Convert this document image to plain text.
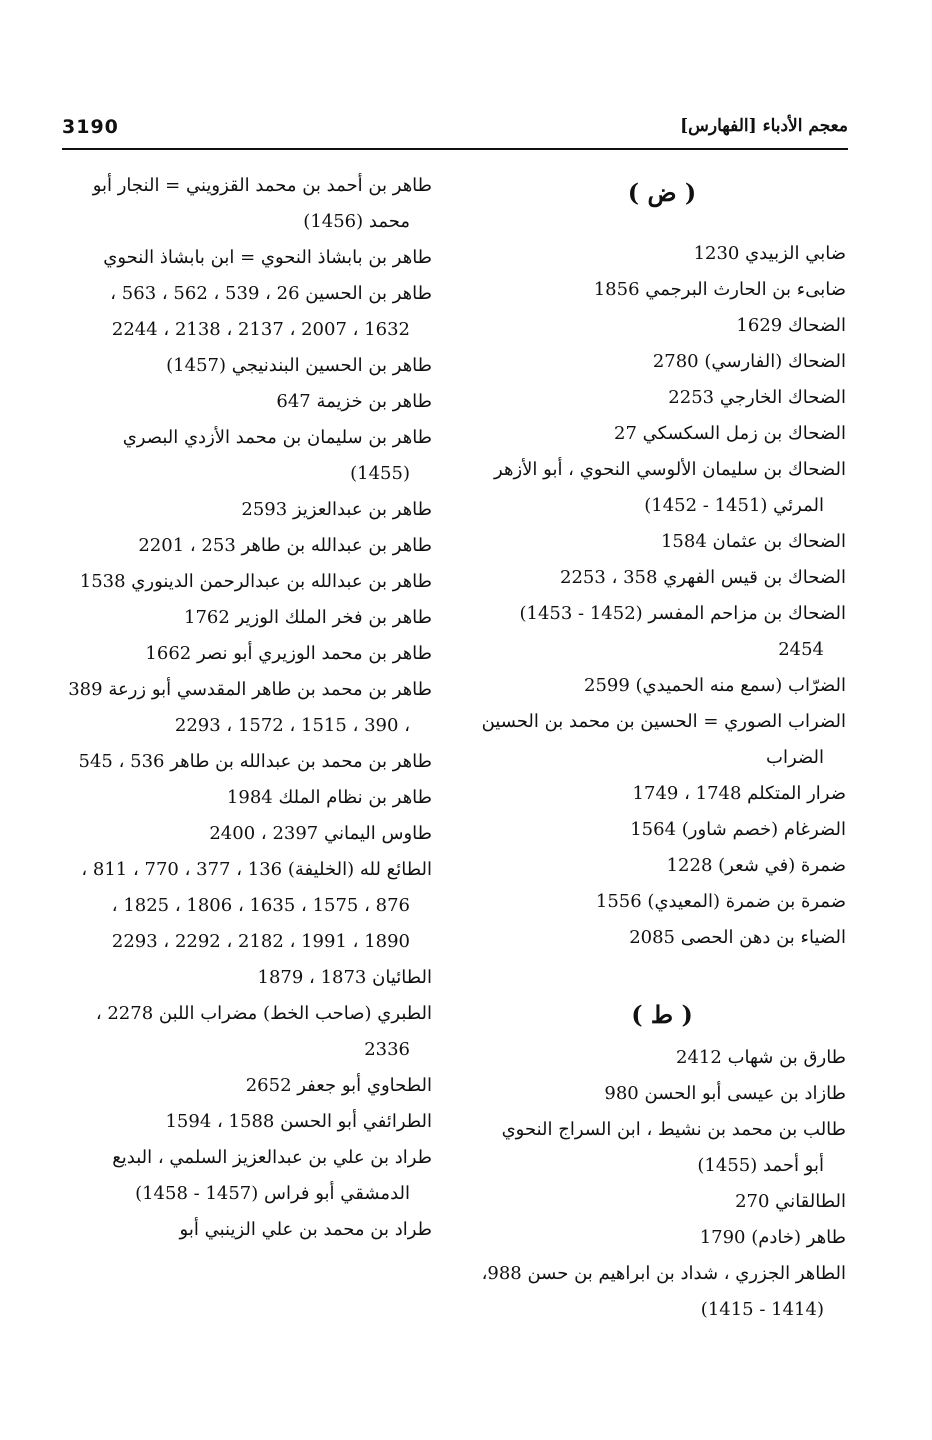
3190	معجم الأدباء [الفهارس]
( ض )

ضابي الزبيدي 1230

ضابىء بن الحارث البرجمي 1856

الضحاك 1629

الضحاك (الفارسي) 2780

الضحاك الخارجي 2253

الضحاك بن زمل السكسكي 27

الضحاك بن سليمان الألوسي النحوي ، أبو الأزهر المرئي (1451 - 1452)

الضحاك بن عثمان 1584

الضحاك بن قيس الفهري 358 ، 2253

الضحاك بن مزاحم المفسر (1452 - 1453) 2454

الضرّاب (سمع منه الحميدي) 2599

الضراب الصوري = الحسين بن محمد بن الحسين الضراب

ضرار المتكلم 1748 ، 1749

الضرغام (خصم شاور) 1564

ضمرة (في شعر) 1228

ضمرة بن ضمرة (المعيدي) 1556

الضياء بن دهن الحصى 2085

( ط )

طارق بن شهاب 2412

طازاد بن عيسى أبو الحسن 980

طالب بن محمد بن نشيط ، ابن السراج النحوي أبو أحمد (1455)

الطالقاني 270

طاهر (خادم) 1790

الطاهر الجزري ، شداد بن ابراهيم بن حسن 988، (1414 - 1415)

طاهر بن أحمد بن محمد القزويني = النجار أبو محمد (1456)

طاهر بن بابشاذ النحوي = ابن بابشاذ النحوي

طاهر بن الحسين 26 ، 539 ، 562 ، 563 ، 1632 ، 2007 ، 2137 ، 2138 ، 2244

طاهر بن الحسين البندنيجي (1457)

طاهر بن خزيمة 647

طاهر بن سليمان بن محمد الأزدي البصري (1455)

طاهر بن عبدالعزيز 2593

طاهر بن عبدالله بن طاهر 253 ، 2201

طاهر بن عبدالله بن عبدالرحمن الدينوري 1538

طاهر بن فخر الملك الوزير 1762

طاهر بن محمد الوزيري أبو نصر 1662

طاهر بن محمد بن طاهر المقدسي أبو زرعة 389 ، 390 ، 1515 ، 1572 ، 2293

طاهر بن محمد بن عبدالله بن طاهر 536 ، 545

طاهر بن نظام الملك 1984

طاوس اليماني 2397 ، 2400

الطائع لله (الخليفة) 136 ، 377 ، 770 ، 811 ، 876 ، 1575 ، 1635 ، 1806 ، 1825 ، 1890 ، 1991 ، 2182 ، 2292 ، 2293

الطائيان 1873 ، 1879

الطبري (صاحب الخط) مضراب اللبن 2278 ، 2336

الطحاوي أبو جعفر 2652

الطرائفي أبو الحسن 1588 ، 1594

طراد بن علي بن عبدالعزيز السلمي ، البديع الدمشقي أبو فراس (1457 - 1458)

طراد بن محمد بن علي الزينبي أبو
